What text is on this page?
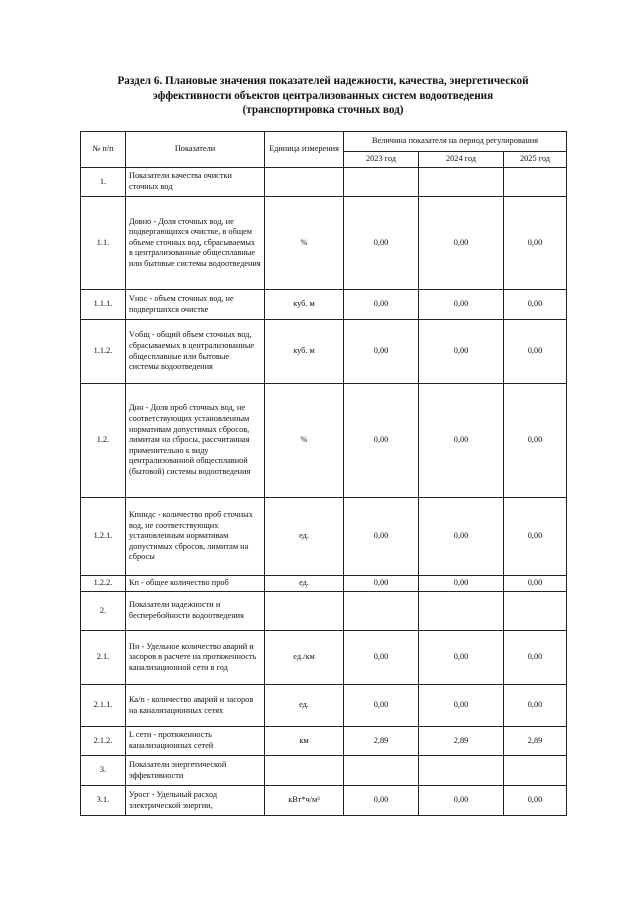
Раздел 6. Плановые значения показателей надежности, качества, энергетической
эффективности объектов централизованных систем водоотведения
(транспортировка сточных вод)
№ п/п	Показатели	Единица измерения	Величина показателя на период регулирования		
			2023 год	2024 год	2025 год
1.	Показатели качества очистки сточных вод				
1.1.	Довно - Доля сточных вод, не подвергающихся очистке, в общем объеме сточных вод, сбрасываемых в централизованные общесплавные или бытовые системы водоотведения	%	0,00	0,00	0,00
1.1.1.	Vнос - объем сточных вод, не подвергшихся очистке	куб. м	0,00	0,00	0,00
1.1.2.	Vобщ - общий объем сточных вод, сбрасываемых в централизованные общесплавные или бытовые системы водоотведения	куб. м	0,00	0,00	0,00
1.2.	Днн - Доля проб сточных вод, не соответствующих установленным нормативам допустимых сбросов, лимитам на сбросы, рассчитанная применительно к виду централизованной общесплавной (бытовой) системы водоотведения	%	0,00	0,00	0,00
1.2.1.	Кпнндс - количество проб сточных вод, не соответствующих установленным нормативам допустимых сбросов, лимитам на сбросы	ед.	0,00	0,00	0,00
1.2.2.	Кп - общее количество проб	ед.	0,00	0,00	0,00
2.	Показатели надежности и бесперебойности водоотведения				
2.1.	Пн - Удельное количество аварий и засоров в расчете на протяженность канализационной сети в год	ед./км	0,00	0,00	0,00
2.1.1.	Ка/п - количество аварий и засоров на канализационных сетях	ед.	0,00	0,00	0,00
2.1.2.	L сети - протяженность канализационных сетей	км	2,89	2,89	2,89
3.	Показатели энергетической эффективности				
3.1.	Уросг - Удельный расход электрической энергии,	кВт*ч/м³	0,00	0,00	0,00
